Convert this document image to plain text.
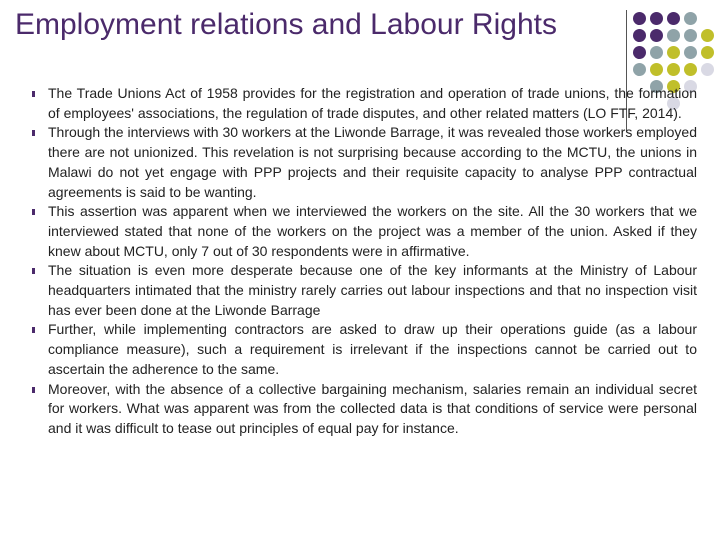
Employment relations and Labour Rights
The Trade Unions Act of 1958 provides for the registration and operation of trade unions, the formation of employees' associations, the regulation of trade disputes, and other related matters (LO FTF, 2014).
Through the interviews with 30 workers at the Liwonde Barrage, it was revealed those workers employed there are not unionized. This revelation is not surprising because according to the MCTU, the unions in Malawi do not yet engage with PPP projects and their requisite capacity to analyse PPP contractual agreements is said to be wanting.
This assertion was apparent when we interviewed the workers on the site. All the 30 workers that we interviewed stated that none of the workers on the project was a member of the union. Asked if they knew about MCTU, only 7 out of 30 respondents were in affirmative.
The situation is even more desperate because one of the key informants at the Ministry of Labour headquarters intimated that the ministry rarely carries out labour inspections and that no inspection visit has ever been done at the Liwonde Barrage
Further, while implementing contractors are asked to draw up their operations guide (as a labour compliance measure), such a requirement is irrelevant if the inspections cannot be carried out to ascertain the adherence to the same.
Moreover, with the absence of a collective bargaining mechanism, salaries remain an individual secret for workers. What was apparent was from the collected data is that conditions of service were personal and it was difficult to tease out principles of equal pay for instance.
